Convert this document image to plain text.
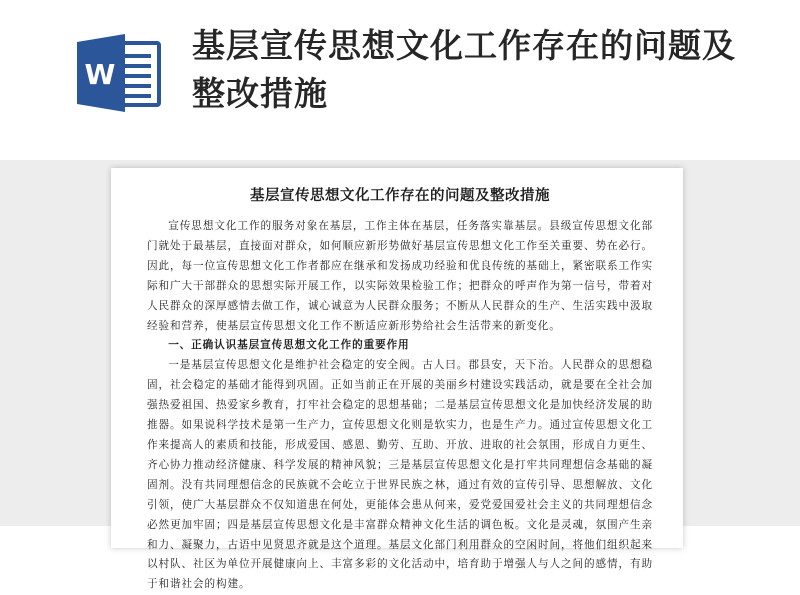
W
基层宣传思想文化工作存在的问题及整改措施
基层宣传思想文化工作存在的问题及整改措施

宣传思想文化工作的服务对象在基层，工作主体在基层，任务落实靠基层。县级宣传思想文化部门就处于最基层，直接面对群众，如何顺应新形势做好基层宣传思想文化工作至关重要、势在必行。因此，每一位宣传思想文化工作者都应在继承和发扬成功经验和优良传统的基础上，紧密联系工作实际和广大干部群众的思想实际开展工作，以实际效果检验工作；把群众的呼声作为第一信号，带着对人民群众的深厚感情去做工作，诚心诚意为人民群众服务；不断从人民群众的生产、生活实践中汲取经验和营养，使基层宣传思想文化工作不断适应新形势给社会生活带来的新变化。

一、正确认识基层宣传思想文化工作的重要作用

一是基层宣传思想文化是维护社会稳定的安全阀。古人曰。郡县安，天下治。人民群众的思想稳固，社会稳定的基础才能得到巩固。正如当前正在开展的美丽乡村建设实践活动，就是要在全社会加强热爱祖国、热爱家乡教育，打牢社会稳定的思想基础；二是基层宣传思想文化是加快经济发展的助推器。如果说科学技术是第一生产力，宣传思想文化则是软实力，也是生产力。通过宣传思想文化工作来提高人的素质和技能，形成爱国、感恩、勤劳、互助、开放、进取的社会氛围，形成自力更生、齐心协力推动经济健康、科学发展的精神风貌；三是基层宣传思想文化是打牢共同理想信念基础的凝固剂。没有共同理想信念的民族就不会屹立于世界民族之林，通过有效的宣传引导、思想解放、文化引领，使广大基层群众不仅知道患在何处，更能体会患从何来，爱党爱国爱社会主义的共同理想信念必然更加牢固；四是基层宣传思想文化是丰富群众精神文化生活的调色板。文化是灵魂，氛围产生亲和力、凝聚力，古语中见贤思齐就是这个道理。基层文化部门利用群众的空闲时间，将他们组织起来以村队、社区为单位开展健康向上、丰富多彩的文化活动中，培育助于增强人与人之间的感情，有助于和谐社会的构建。
